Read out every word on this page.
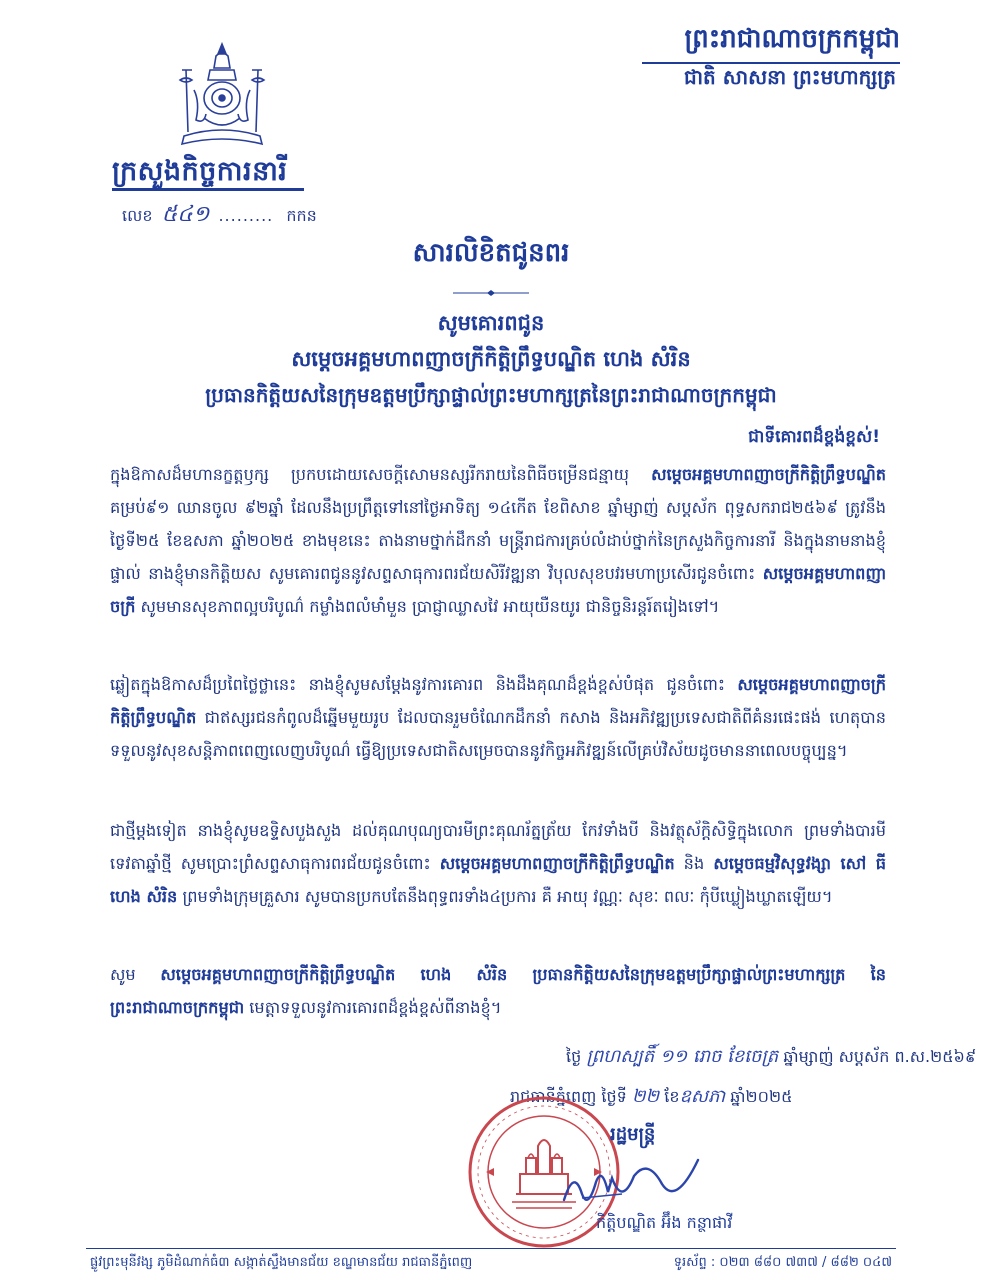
ក្រសួងកិច្ចការនារី
លេខ ៥៤១ ......... កកន
ព្រះរាជាណាចក្រកម្ពុជា
ជាតិ សាសនា ព្រះមហាក្សត្រ
សារលិខិតជូនពរ
សូមគោរពជូន
សម្តេចអគ្គមហាពញាចក្រីកិត្តិព្រឹទ្ធបណ្ឌិត ហេង សំរិន
ប្រធានកិត្តិយសនៃក្រុមឧត្តមប្រឹក្សាផ្ទាល់ព្រះមហាក្សត្រនៃព្រះរាជាណាចក្រកម្ពុជា
ជាទីគោរពដ៏ខ្ពង់ខ្ពស់!
ក្នុងឱកាសដ៏មហានក្ខត្តឫក្ស ប្រកបដោយសេចក្តីសោមនស្សរីករាយនៃពិធីចម្រើនជន្មាយុ សម្តេចអគ្គមហាពញាចក្រីកិត្តិព្រឹទ្ធបណ្ឌិត គម្រប់៩១ ឈានចូល ៩២ឆ្នាំ ដែលនឹងប្រព្រឹត្តទៅនៅថ្ងៃអាទិត្យ ១៤កើត ខែពិសាខ ឆ្នាំម្សាញ់ សប្តស័ក ពុទ្ធសករាជ២៥៦៩ ត្រូវនឹងថ្ងៃទី២៥ ខែឧសភា ឆ្នាំ២០២៥ ខាងមុខនេះ តាងនាមថ្នាក់ដឹកនាំ មន្ត្រីរាជការគ្រប់លំដាប់ថ្នាក់នៃក្រសួងកិច្ចការនារី និងក្នុងនាមនាងខ្ញុំផ្ទាល់ នាងខ្ញុំមានកិត្តិយស សូមគោរពជូននូវសព្ទសាធុការពរជ័យសិរីវឌ្ឍនា វិបុលសុខបវរមហាប្រសើរជូនចំពោះ សម្តេចអគ្គមហាពញាចក្រី សូមមានសុខភាពល្អបរិបូណ៌ កម្លាំងពលំមាំមួន ប្រាជ្ញាឈ្លាសវៃ អាយុយឺនយូរ ជានិច្ចនិរន្តរ៍តរៀងទៅ។
ឆ្លៀតក្នុងឱកាសដ៏ប្រពៃថ្លៃថ្លានេះ នាងខ្ញុំសូមសម្តែងនូវការគោរព និងដឹងគុណដ៏ខ្ពង់ខ្ពស់បំផុត ជូនចំពោះ សម្តេចអគ្គមហាពញាចក្រីកិត្តិព្រឹទ្ធបណ្ឌិត ជាឥស្សរជនកំពូលដ៏ឆ្នើមមួយរូប ដែលបានរួមចំណែកដឹកនាំ កសាង និងអភិវឌ្ឍប្រទេសជាតិពីគំនរផេះផង់ ហេតុបានទទួលនូវសុខសន្តិភាពពេញលេញបរិបូណ៌ ធ្វើឱ្យប្រទេសជាតិសម្រេចបាននូវកិច្ចអភិវឌ្ឍន៍លើគ្រប់វិស័យដូចមាននាពេលបច្ចុប្បន្ន។
ជាថ្មីម្តងទៀត នាងខ្ញុំសូមឧទ្ទិសបួងសួង ដល់គុណបុណ្យបារមីព្រះគុណរ័ត្នត្រ័យ កែវទាំងបី និងវត្ថុស័ក្តិសិទ្ធិក្នុងលោក ព្រមទាំងបារមីទេវតាឆ្នាំថ្មី សូមប្រោះព្រំសព្ទសាធុការពរជ័យជូនចំពោះ សម្តេចអគ្គមហាពញាចក្រីកិត្តិព្រឹទ្ធបណ្ឌិត និង សម្តេចធម្មវិសុទ្ធវង្សា សៅ ធី ហេង សំរិន ព្រមទាំងក្រុមគ្រួសារ សូមបានប្រកបតែនឹងពុទ្ធពរទាំង៤ប្រការ គឺ អាយុ វណ្ណៈ សុខៈ ពលៈ កុំបីឃ្លៀងឃ្លាតឡើយ។
សូម សម្តេចអគ្គមហាពញាចក្រីកិត្តិព្រឹទ្ធបណ្ឌិត ហេង សំរិន ប្រធានកិត្តិយសនៃក្រុមឧត្តមប្រឹក្សាផ្ទាល់ព្រះមហាក្សត្រ នៃព្រះរាជាណាចក្រកម្ពុជា មេត្តាទទួលនូវការគោរពដ៏ខ្ពង់ខ្ពស់ពីនាងខ្ញុំ។
ថ្ងៃ ព្រហស្បតិ៍ ១១ រោច ខែចេត្រ ឆ្នាំម្សាញ់ សប្តស័ក ព.ស.២៥៦៩
រាជធានីភ្នំពេញ ថ្ងៃទី ២២ ខែឧសភា ឆ្នាំ២០២៥
រដ្ឋមន្ត្រី
កិត្តិបណ្ឌិត អ៊ឹង កន្ថាផាវី
ផ្លូវព្រះមុនីវង្ស ភូមិដំណាក់ធំ៣ សង្កាត់ស្ទឹងមានជ័យ ខណ្ឌមានជ័យ រាជធានីភ្នំពេញ	ទូរស័ព្ទ : ០២៣ ៨៨០ ៧៣៧ / ៨៨២ ០៤៧
